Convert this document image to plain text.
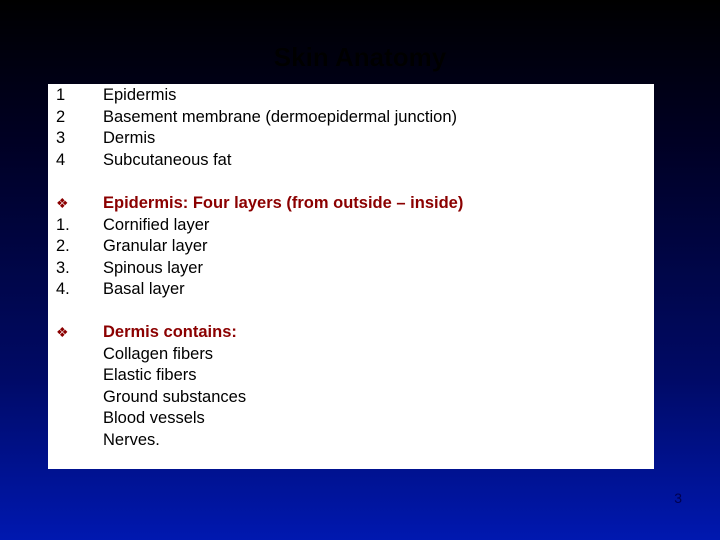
Skin Anatomy
1 Epidermis
2 Basement membrane (dermoepidermal junction)
3 Dermis
4 Subcutaneous fat
❖ Epidermis: Four layers (from outside – inside)
1. Cornified layer
2. Granular layer
3. Spinous layer
4. Basal layer
❖ Dermis contains:
Collagen fibers
Elastic fibers
Ground substances
Blood vessels
Nerves.
3
